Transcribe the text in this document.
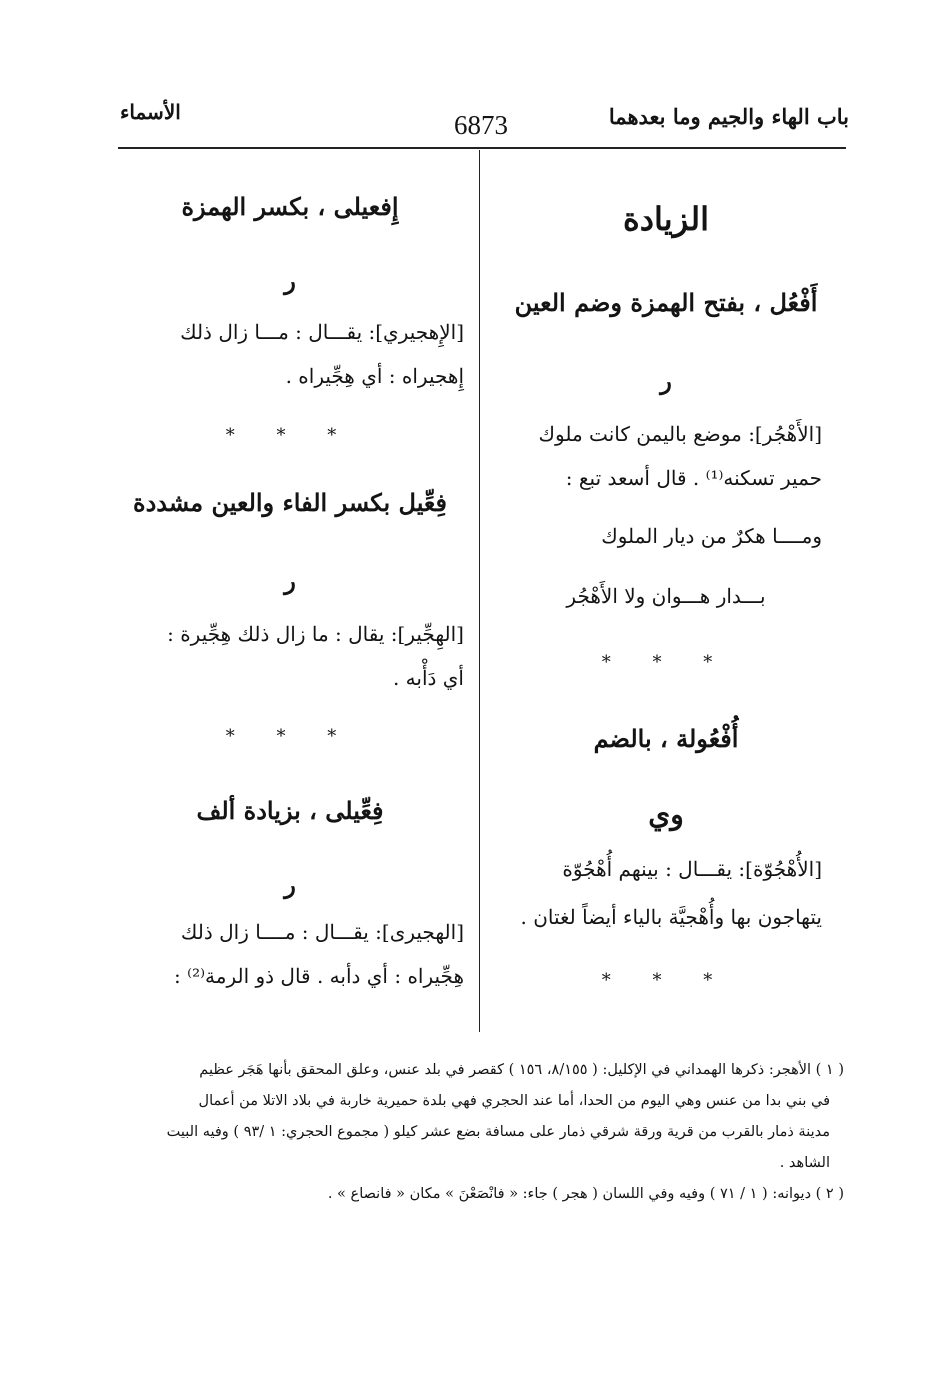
الأسماء	6873	باب الهاء والجيم وما بعدهما
الزيادة
أَفْعُل ، بفتح الهمزة وضم العين
ر
[الأَهْجُر]: موضع باليمن كانت ملوك
حمير تسكنه⁽¹⁾ . قال أسعد تبع :
ومــــا هكرٌ من ديار الملوك
بـــدار هـــوان ولا الأَهْجُر
* * *
أُفْعُولة ، بالضم
وي
[الأُهْجُوّة]: يقـــال : بينهم أُهْجُوّة
يتهاجون بها وأُهْجيَّة بالياء أيضاً لغتان .
* * *
إِفعيلى ، بكسر الهمزة
ر
[الإِهجيري]: يقـــال : مـــا زال ذلك
إِهجيراه : أي هِجِّيراه .
* * *
فِعِّيل بكسر الفاء والعين مشددة
ر
[الهِجِّير]: يقال : ما زال ذلك هِجِّيرة :
أي دَأْبه .
* * *
فِعِّيلى ، بزيادة ألف
ر
[الهجيرى]: يقـــال : مــــا زال ذلك
هِجِّيراه : أي دأبه . قال ذو الرمة⁽²⁾ :

( ١ ) الأهجر: ذكرها الهمداني في الإكليل: ( ٨/١٥٥، ١٥٦ ) كقصر في بلد عنس، وعلق المحقق بأنها هَجَر عظيم

في بني بدا من عنس وهي اليوم من الحدا، أما عند الحجري فهي بلدة حميرية خاربة في بلاد الاتلا من أعمال

مدينة ذمار بالقرب من قرية ورقة شرقي ذمار على مسافة بضع عشر كيلو ( مجموع الحجري: ١ /٩٣ ) وفيه البيت

الشاهد .

( ٢ ) ديوانه: ( ١ / ٧١ ) وفيه وفي اللسان ( هجر ) جاء: « فانْصَعْنَ » مكان « فانصاع » .
